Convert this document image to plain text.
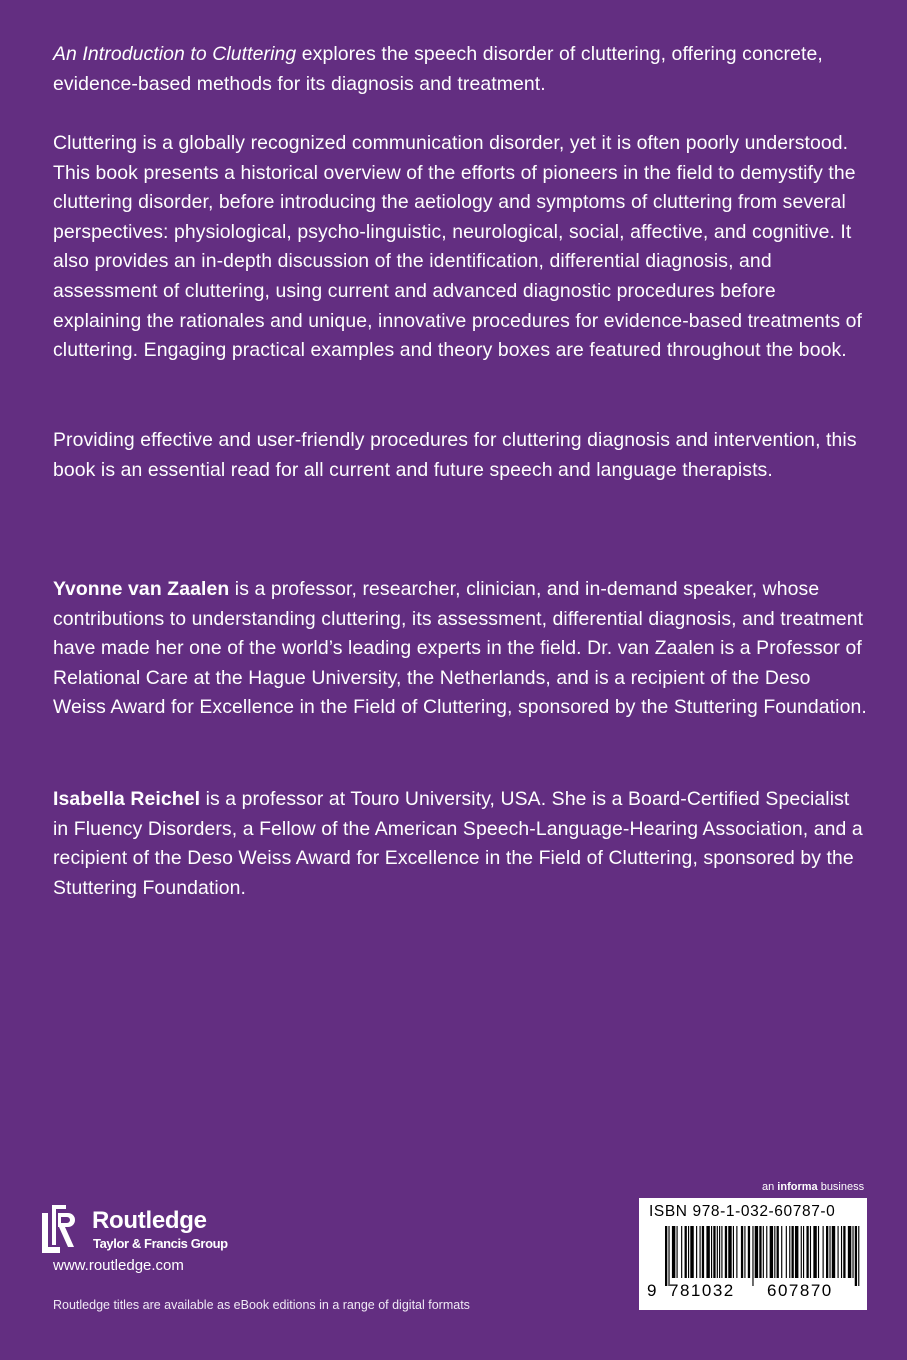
An Introduction to Cluttering explores the speech disorder of cluttering, offering concrete, evidence-based methods for its diagnosis and treatment.

Cluttering is a globally recognized communication disorder, yet it is often poorly understood. This book presents a historical overview of the efforts of pioneers in the field to demystify the cluttering disorder, before introducing the aetiology and symptoms of cluttering from several perspectives: physiological, psycho-linguistic, neurological, social, affective, and cognitive. It also provides an in-depth discussion of the identification, differential diagnosis, and assessment of cluttering, using current and advanced diagnostic procedures before explaining the rationales and unique, innovative procedures for evidence-based treatments of cluttering. Engaging practical examples and theory boxes are featured throughout the book.

Providing effective and user-friendly procedures for cluttering diagnosis and intervention, this book is an essential read for all current and future speech and language therapists.

Yvonne van Zaalen is a professor, researcher, clinician, and in-demand speaker, whose contributions to understanding cluttering, its assessment, differential diagnosis, and treatment have made her one of the world’s leading experts in the field. Dr. van Zaalen is a Professor of Relational Care at the Hague University, the Netherlands, and is a recipient of the Deso Weiss Award for Excellence in the Field of Cluttering, sponsored by the Stuttering Foundation.

Isabella Reichel is a professor at Touro University, USA. She is a Board-Certified Specialist in Fluency Disorders, a Fellow of the American Speech-Language-Hearing Association, and a recipient of the Deso Weiss Award for Excellence in the Field of Cluttering, sponsored by the Stuttering Foundation.

Routledge
Taylor & Francis Group
www.routledge.com
Routledge titles are available as eBook editions in a range of digital formats
an informa business
ISBN 978-1-032-60787-0
9 781032 607870
